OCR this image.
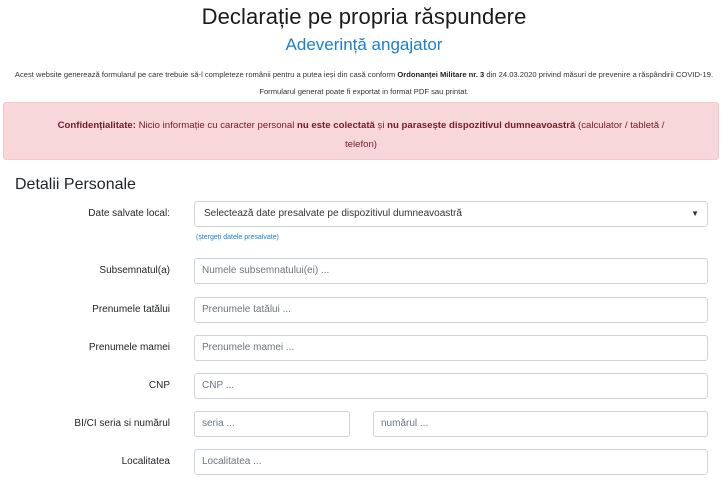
Declarație pe propria răspundere
Adeverință angajator
Acest website generează formularul pe care trebuie să-l completeze românii pentru a putea ieși din casă conform Ordonanței Militare nr. 3 din 24.03.2020 privind măsuri de prevenire a răspândirii COVID-19. Formularul generat poate fi exportat in format PDF sau printat.
Confidențialitate: Nicio informație cu caracter personal nu este colectată și nu parasește dispozitivul dumneavoastră (calculator / tabletă / telefon)
Detalii Personale
Date salvate local:	Selectează date presalvate pe dispozitivul dumneavoastră	▼
(ștergeți datele presalvate)
Subsemnatul(a)	Numele subsemnatului(ei) ...
Prenumele tatălui	Prenumele tatălui ...
Prenumele mamei	Prenumele mamei ...
CNP	CNP ...
BI/CI seria si numărul	seria ...	numărul ...
Localitatea	Localitatea ...
